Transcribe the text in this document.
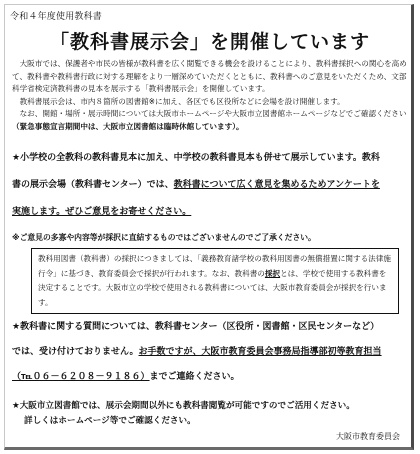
令和４年度使用教科書
「教科書展示会」を開催しています

大阪市では、保護者や市民の皆様が教科書を広く閲覧できる機会を設けることにより、教科書採択への関心を高めて、教科書や教科書行政に対する理解をより一層深めていただくとともに、教科書へのご意見をいただくため、文部科学省検定済教科書の見本を展示する「教科書展示会」を開催しています。

教科書展示会は、市内８箇所の図書館※に加え、各区でも区役所などに会場を設け開催します。

なお、開館・場所・展示時間については大阪市ホームページや大阪市立図書館ホームページなどでご確認ください（緊急事態宣言期間中は、大阪市立図書館は臨時休館しています）。

★小学校の全教科の教科書見本に加え、中学校の教科書見本も併せて展示しています。教科
書の展示会場（教科書センター）では、教科書について広く意見を集めるためアンケートを
実施します。ぜひご意見をお寄せください。
※ご意見の多寡や内容等が採択に直結するものではございませんのでご了承ください。
教科用図書（教科書）の採択につきましては、「義務教育諸学校の教科用図書の無償措置に関する法律施行令」に基づき、教育委員会で採択が行われます。なお、教科書の採択とは、学校で使用する教科書を決定することです。大阪市立の学校で使用される教科書については、大阪市教育委員会が採択を行います。
★教科書に関する質問については、教科書センター（区役所・図書館・区民センターなど）
では、受け付けておりません。お手数ですが、大阪市教育委員会事務局指導部初等教育担当
（℡０６－６２０８－９１８６）までご連絡ください。
★大阪市立図書館では、展示会期間以外にも教科書閲覧が可能ですのでご活用ください。
詳しくはホームページ等でご確認ください。
大阪市教育委員会
